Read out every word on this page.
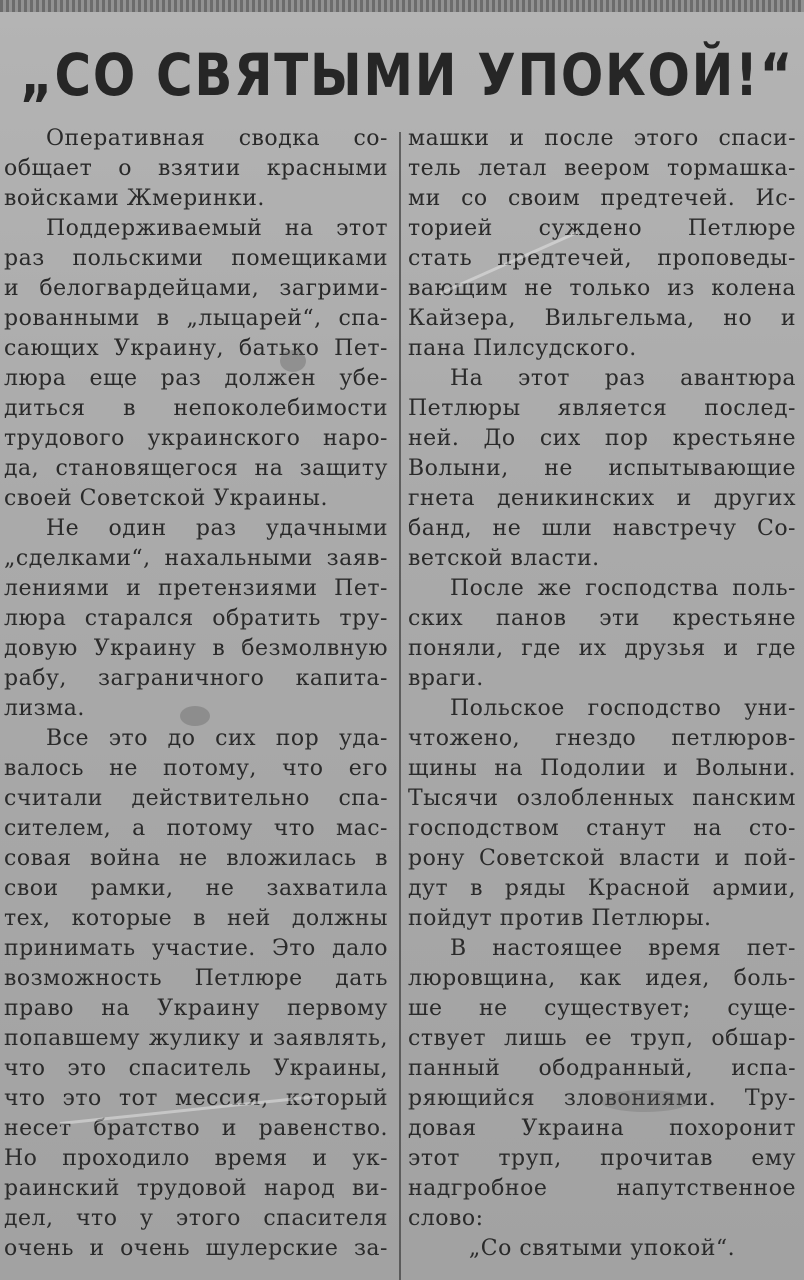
„СО СВЯТЫМИ УПОКОЙ!“
Оперативная сводка со-
общает о взятии красными
войсками Жмеринки.
Поддерживаемый на этот
раз польскими помещиками
и белогвардейцами, загрими-
рованными в „лыцарей“, спа-
сающих Украину, батько Пет-
люра еще раз должен убе-
диться в непоколебимости
трудового украинского наро-
да, становящегося на защиту
своей Советской Украины.
Не один раз удачными
„сделками“, нахальными заяв-
лениями и претензиями Пет-
люра старался обратить тру-
довую Украину в безмолвную
рабу, заграничного капита-
лизма.
Все это до сих пор уда-
валось не потому, что его
считали действительно спа-
сителем, а потому что мас-
совая война не вложилась в
свои рамки, не захватила
тех, которые в ней должны
принимать участие. Это дало
возможность Петлюре дать
право на Украину первому
попавшему жулику и заявлять,
что это спаситель Украины,
что это тот мессия, который
несет братство и равенство.
Но проходило время и ук-
раинский трудовой народ ви-
дел, что у этого спасителя
очень и очень шулерские за-
машки и после этого спаси-
тель летал веером тормашка-
ми со своим предтечей. Ис-
торией суждено Петлюре
стать предтечей, проповеды-
вающим не только из колена
Кайзера, Вильгельма, но и
пана Пилсудского.
На этот раз авантюра
Петлюры является послед-
ней. До сих пор крестьяне
Волыни, не испытывающие
гнета деникинских и других
банд, не шли навстречу Со-
ветской власти.
После же господства поль-
ских панов эти крестьяне
поняли, где их друзья и где
враги.
Польское господство уни-
чтожено, гнездо петлюров-
щины на Подолии и Волыни.
Тысячи озлобленных панским
господством станут на сто-
рону Советской власти и пой-
дут в ряды Красной армии,
пойдут против Петлюры.
В настоящее время пет-
люровщина, как идея, боль-
ше не существует; суще-
ствует лишь ее труп, обшар-
панный ободранный, испа-
ряющийся зловониями. Тру-
довая Украина похоронит
этот труп, прочитав ему
надгробное напутственное
слово:
„Со святыми упокой“.
